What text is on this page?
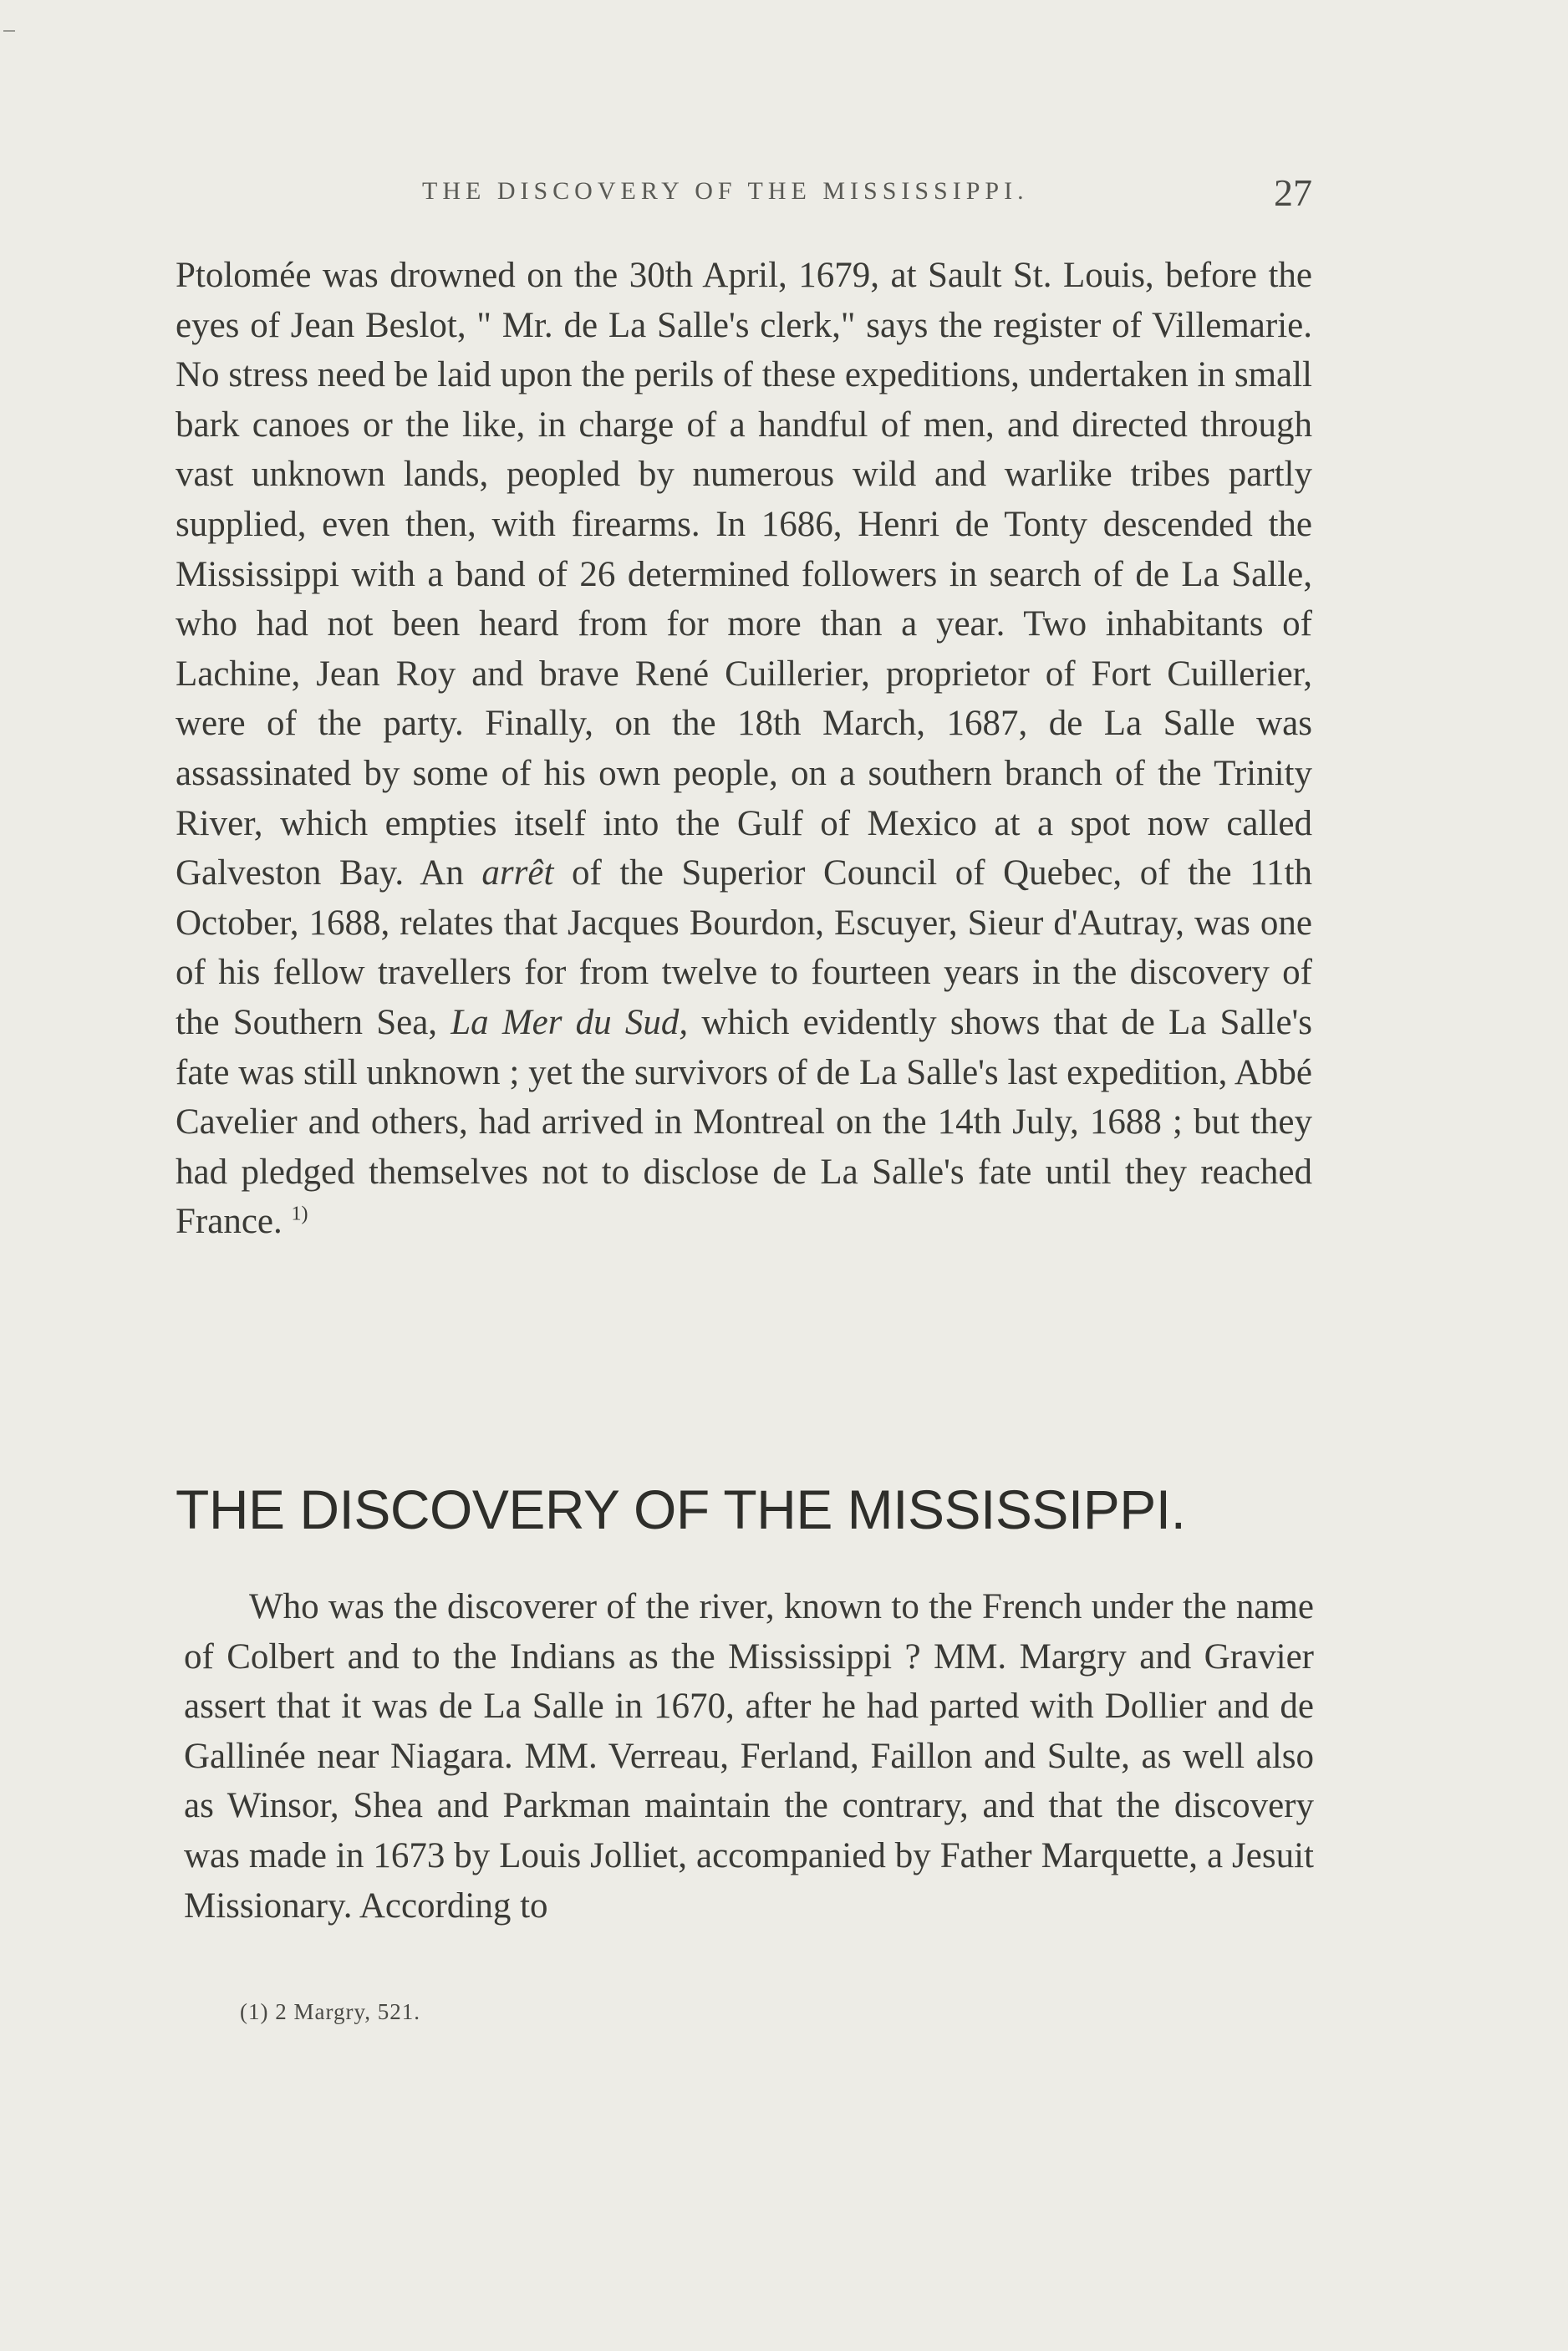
THE DISCOVERY OF THE MISSISSIPPI.	27

Ptolomée was drowned on the 30th April, 1679, at Sault St. Louis, before the eyes of Jean Beslot, " Mr. de La Salle's clerk," says the register of Villemarie. No stress need be laid upon the perils of these expeditions, undertaken in small bark canoes or the like, in charge of a handful of men, and directed through vast unknown lands, peopled by numerous wild and warlike tribes partly supplied, even then, with firearms. In 1686, Henri de Tonty descended the Mississippi with a band of 26 determined followers in search of de La Salle, who had not been heard from for more than a year. Two inhabitants of Lachine, Jean Roy and brave René Cuillerier, proprietor of Fort Cuillerier, were of the party. Finally, on the 18th March, 1687, de La Salle was assassinated by some of his own people, on a southern branch of the Trinity River, which empties itself into the Gulf of Mexico at a spot now called Galveston Bay. An arrêt of the Superior Council of Quebec, of the 11th October, 1688, relates that Jacques Bourdon, Escuyer, Sieur d'Autray, was one of his fellow travellers for from twelve to fourteen years in the discovery of the Southern Sea, La Mer du Sud, which evidently shows that de La Salle's fate was still unknown ; yet the survivors of de La Salle's last expedition, Abbé Cavelier and others, had arrived in Montreal on the 14th July, 1688 ; but they had pledged themselves not to disclose de La Salle's fate until they reached France. $^{1)}$

THE DISCOVERY OF THE MISSISSIPPI.

Who was the discoverer of the river, known to the French under the name of Colbert and to the Indians as the Mississippi ? MM. Margry and Gravier assert that it was de La Salle in 1670, after he had parted with Dollier and de Gallinée near Niagara. MM. Verreau, Ferland, Faillon and Sulte, as well also as Winsor, Shea and Parkman maintain the contrary, and that the discovery was made in 1673 by Louis Jolliet, accompanied by Father Marquette, a Jesuit Missionary. According to

(1) 2 Margry, 521.
